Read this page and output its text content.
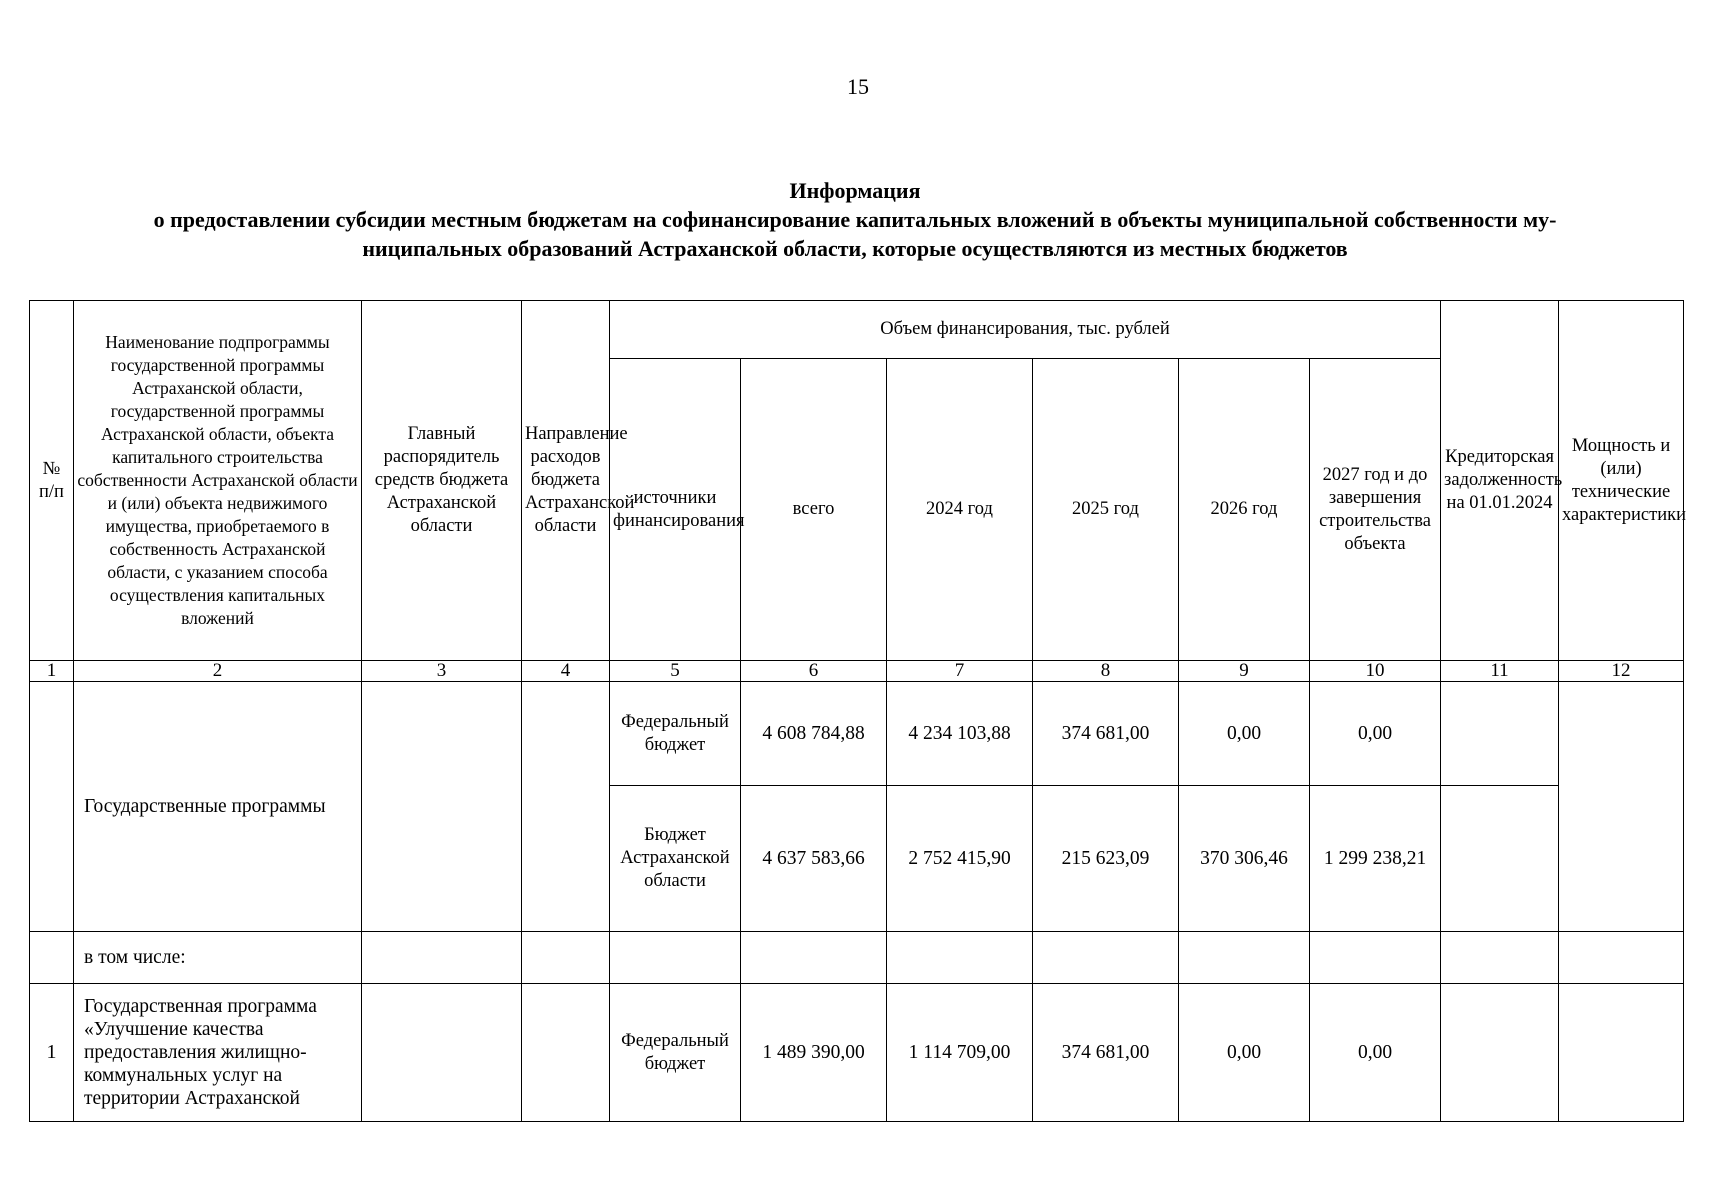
15
Информация
о предоставлении субсидии местным бюджетам на софинансирование капитальных вложений в объекты муниципальной собственности му-
ниципальных образований Астраханской области, которые осуществляются из местных бюджетов
№ п/п	Наименование подпрограммы государственной программы Астраханской области, государственной программы Астраханской области, объекта капитального строительства собственности Астраханской области и (или) объекта недвижимого имущества, приобретаемого в собственность Астраханской области, с указанием способа осуществления капитальных вложений	Главный распорядитель средств бюджета Астраханской области	Направление расходов бюджета Астраханской области	Объем финансирования, тыс. рублей						Кредиторская задолженность на 01.01.2024	Мощность и (или) технические характеристики
				источники финансирования	всего	2024 год	2025 год	2026 год	2027 год и до завершения строительства объекта		
1	2	3	4	5	6	7	8	9	10	11	12
	Государственные программы			Федеральный бюджет	4 608 784,88	4 234 103,88	374 681,00	0,00	0,00		
				Бюджет Астраханской области	4 637 583,66	2 752 415,90	215 623,09	370 306,46	1 299 238,21		
	в том числе:										
1	Государственная программа «Улучшение качества предоставления жилищно-коммунальных услуг на территории Астраханской			Федеральный бюджет	1 489 390,00	1 114 709,00	374 681,00	0,00	0,00		
